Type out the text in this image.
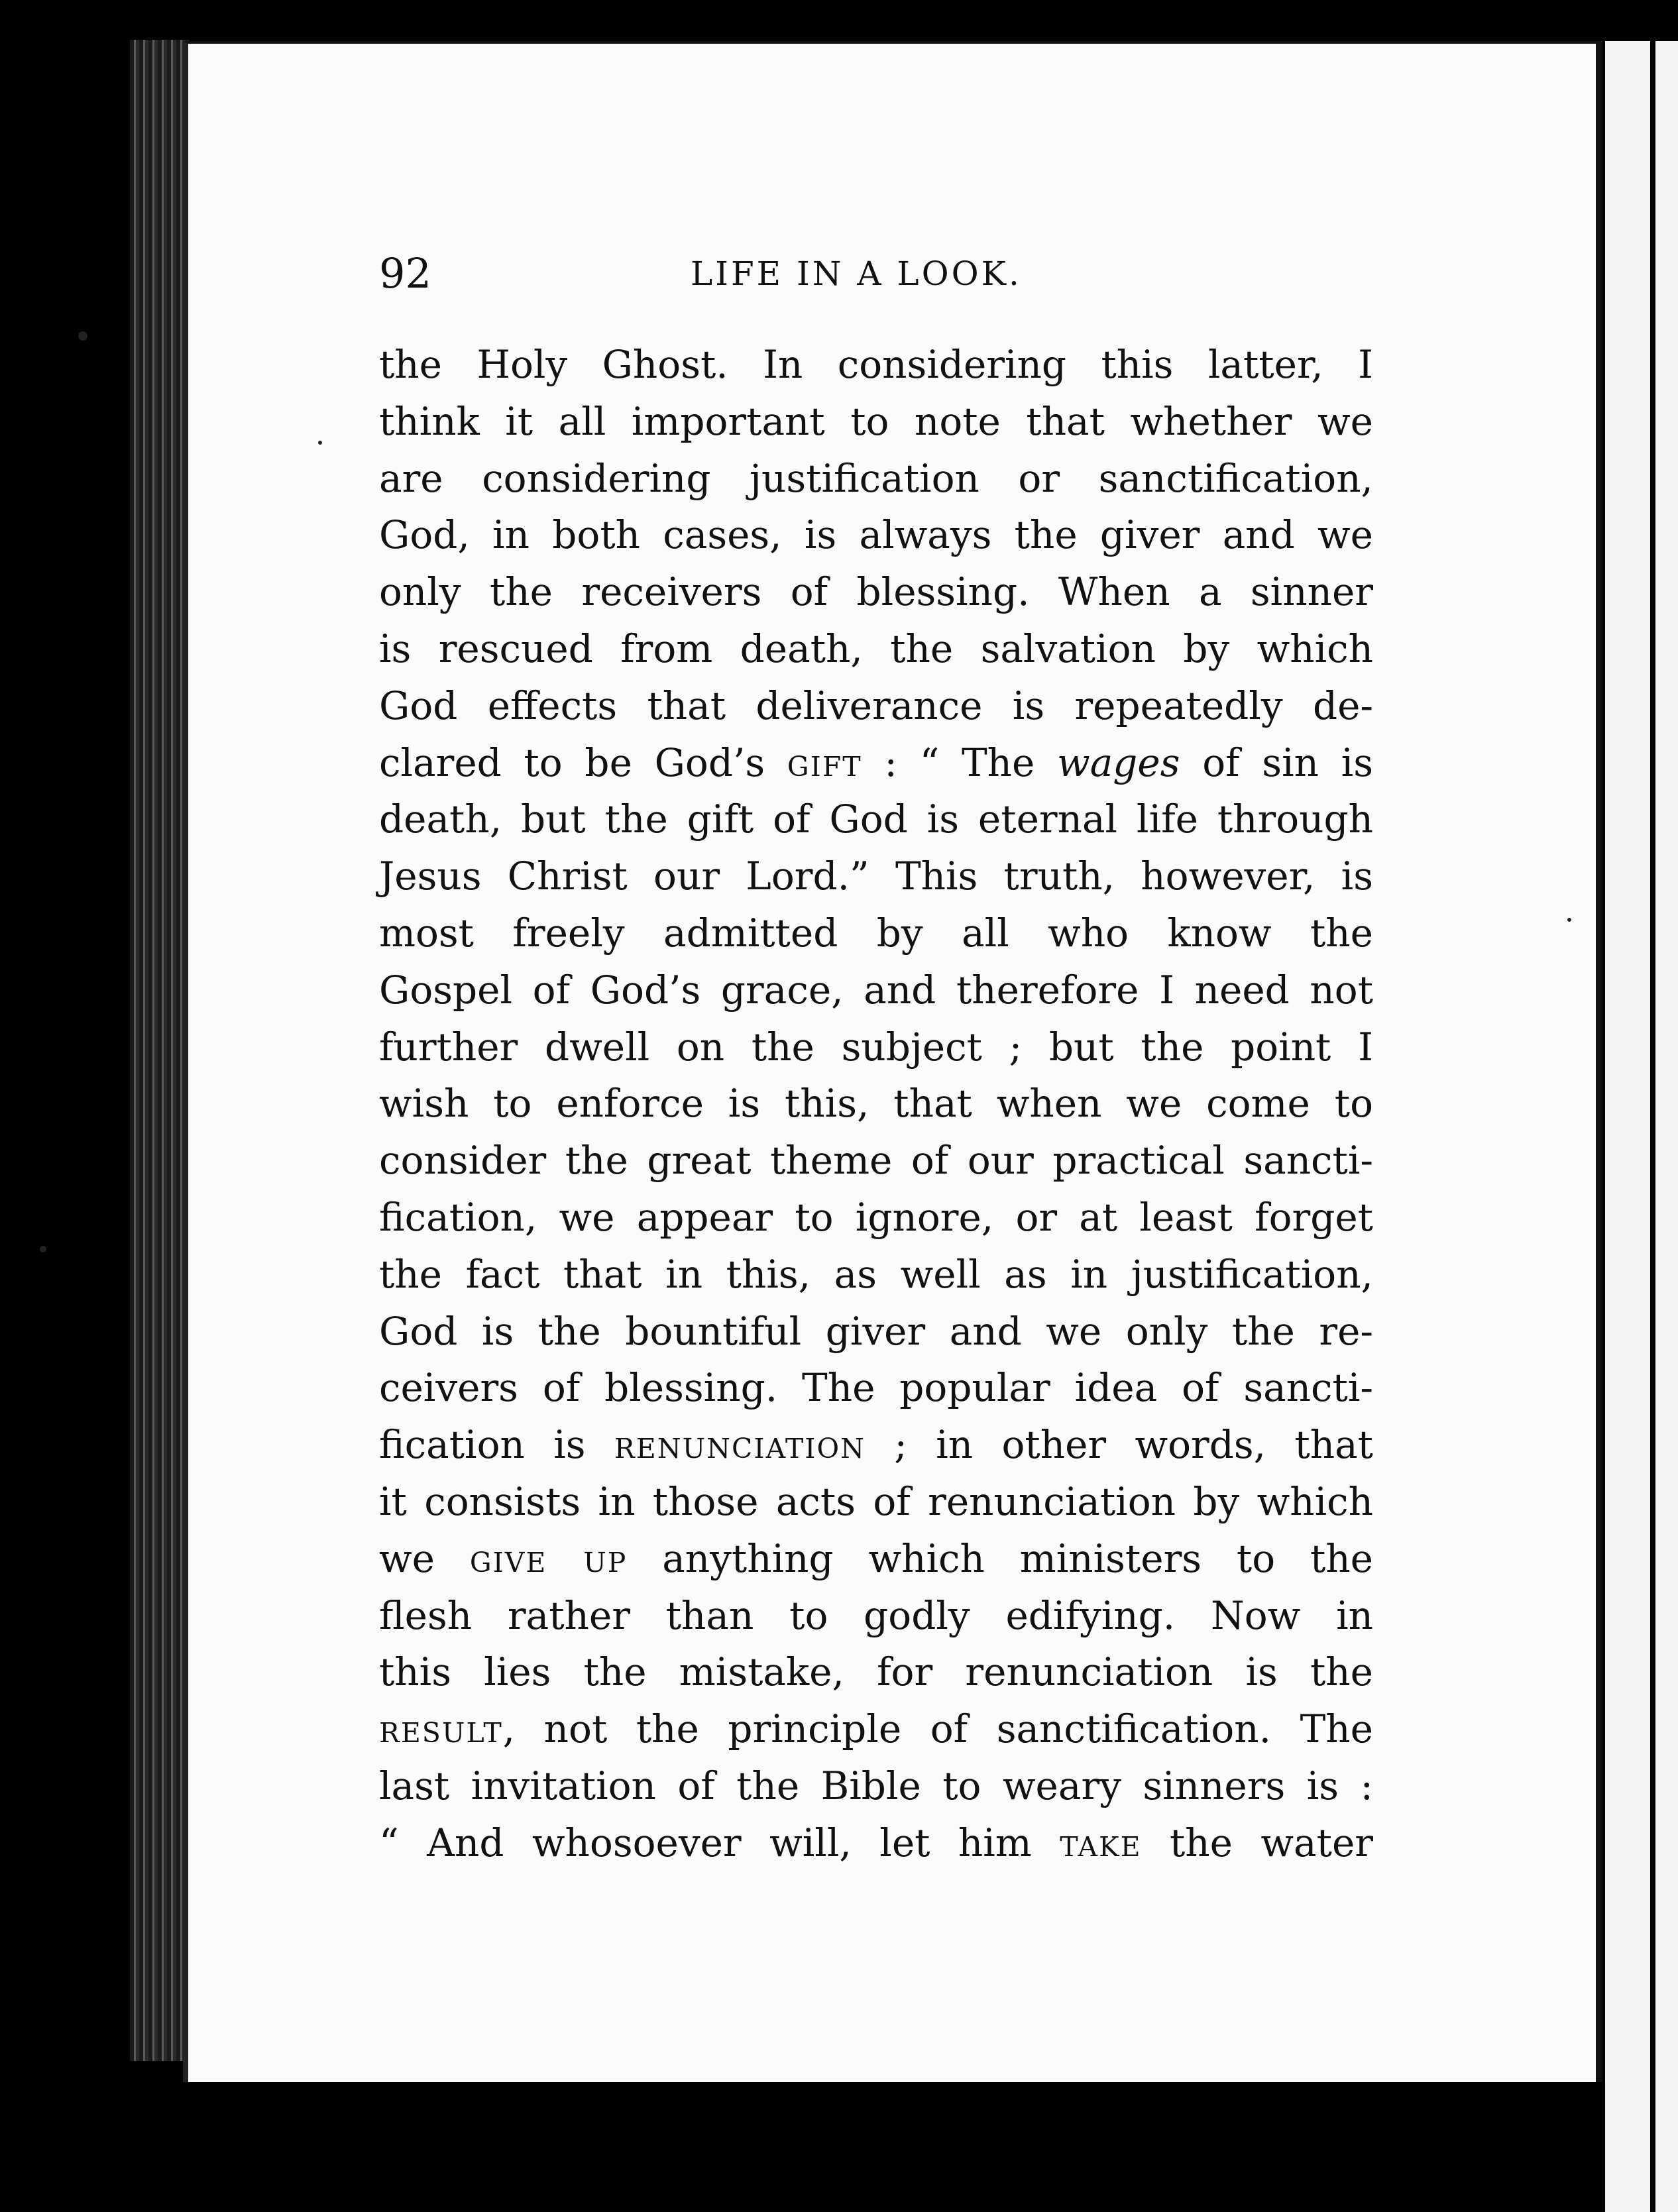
92	LIFE IN A LOOK.
the Holy Ghost. In considering this latter, I
think it all important to note that whether we
are considering justification or sanctification,
God, in both cases, is always the giver and we
only the receivers of blessing. When a sinner
is rescued from death, the salvation by which
God effects that deliverance is repeatedly de-
clared to be God’s gift : “ The wages of sin is
death, but the gift of God is eternal life through
Jesus Christ our Lord.” This truth, however, is
most freely admitted by all who know the
Gospel of God’s grace, and therefore I need not
further dwell on the subject ; but the point I
wish to enforce is this, that when we come to
consider the great theme of our practical sancti-
fication, we appear to ignore, or at least forget
the fact that in this, as well as in justification,
God is the bountiful giver and we only the re-
ceivers of blessing. The popular idea of sancti-
fication is renunciation ; in other words, that
it consists in those acts of renunciation by which
we give up anything which ministers to the
flesh rather than to godly edifying. Now in
this lies the mistake, for renunciation is the
result, not the principle of sanctification. The
last invitation of the Bible to weary sinners is :
“ And whosoever will, let him take the water
